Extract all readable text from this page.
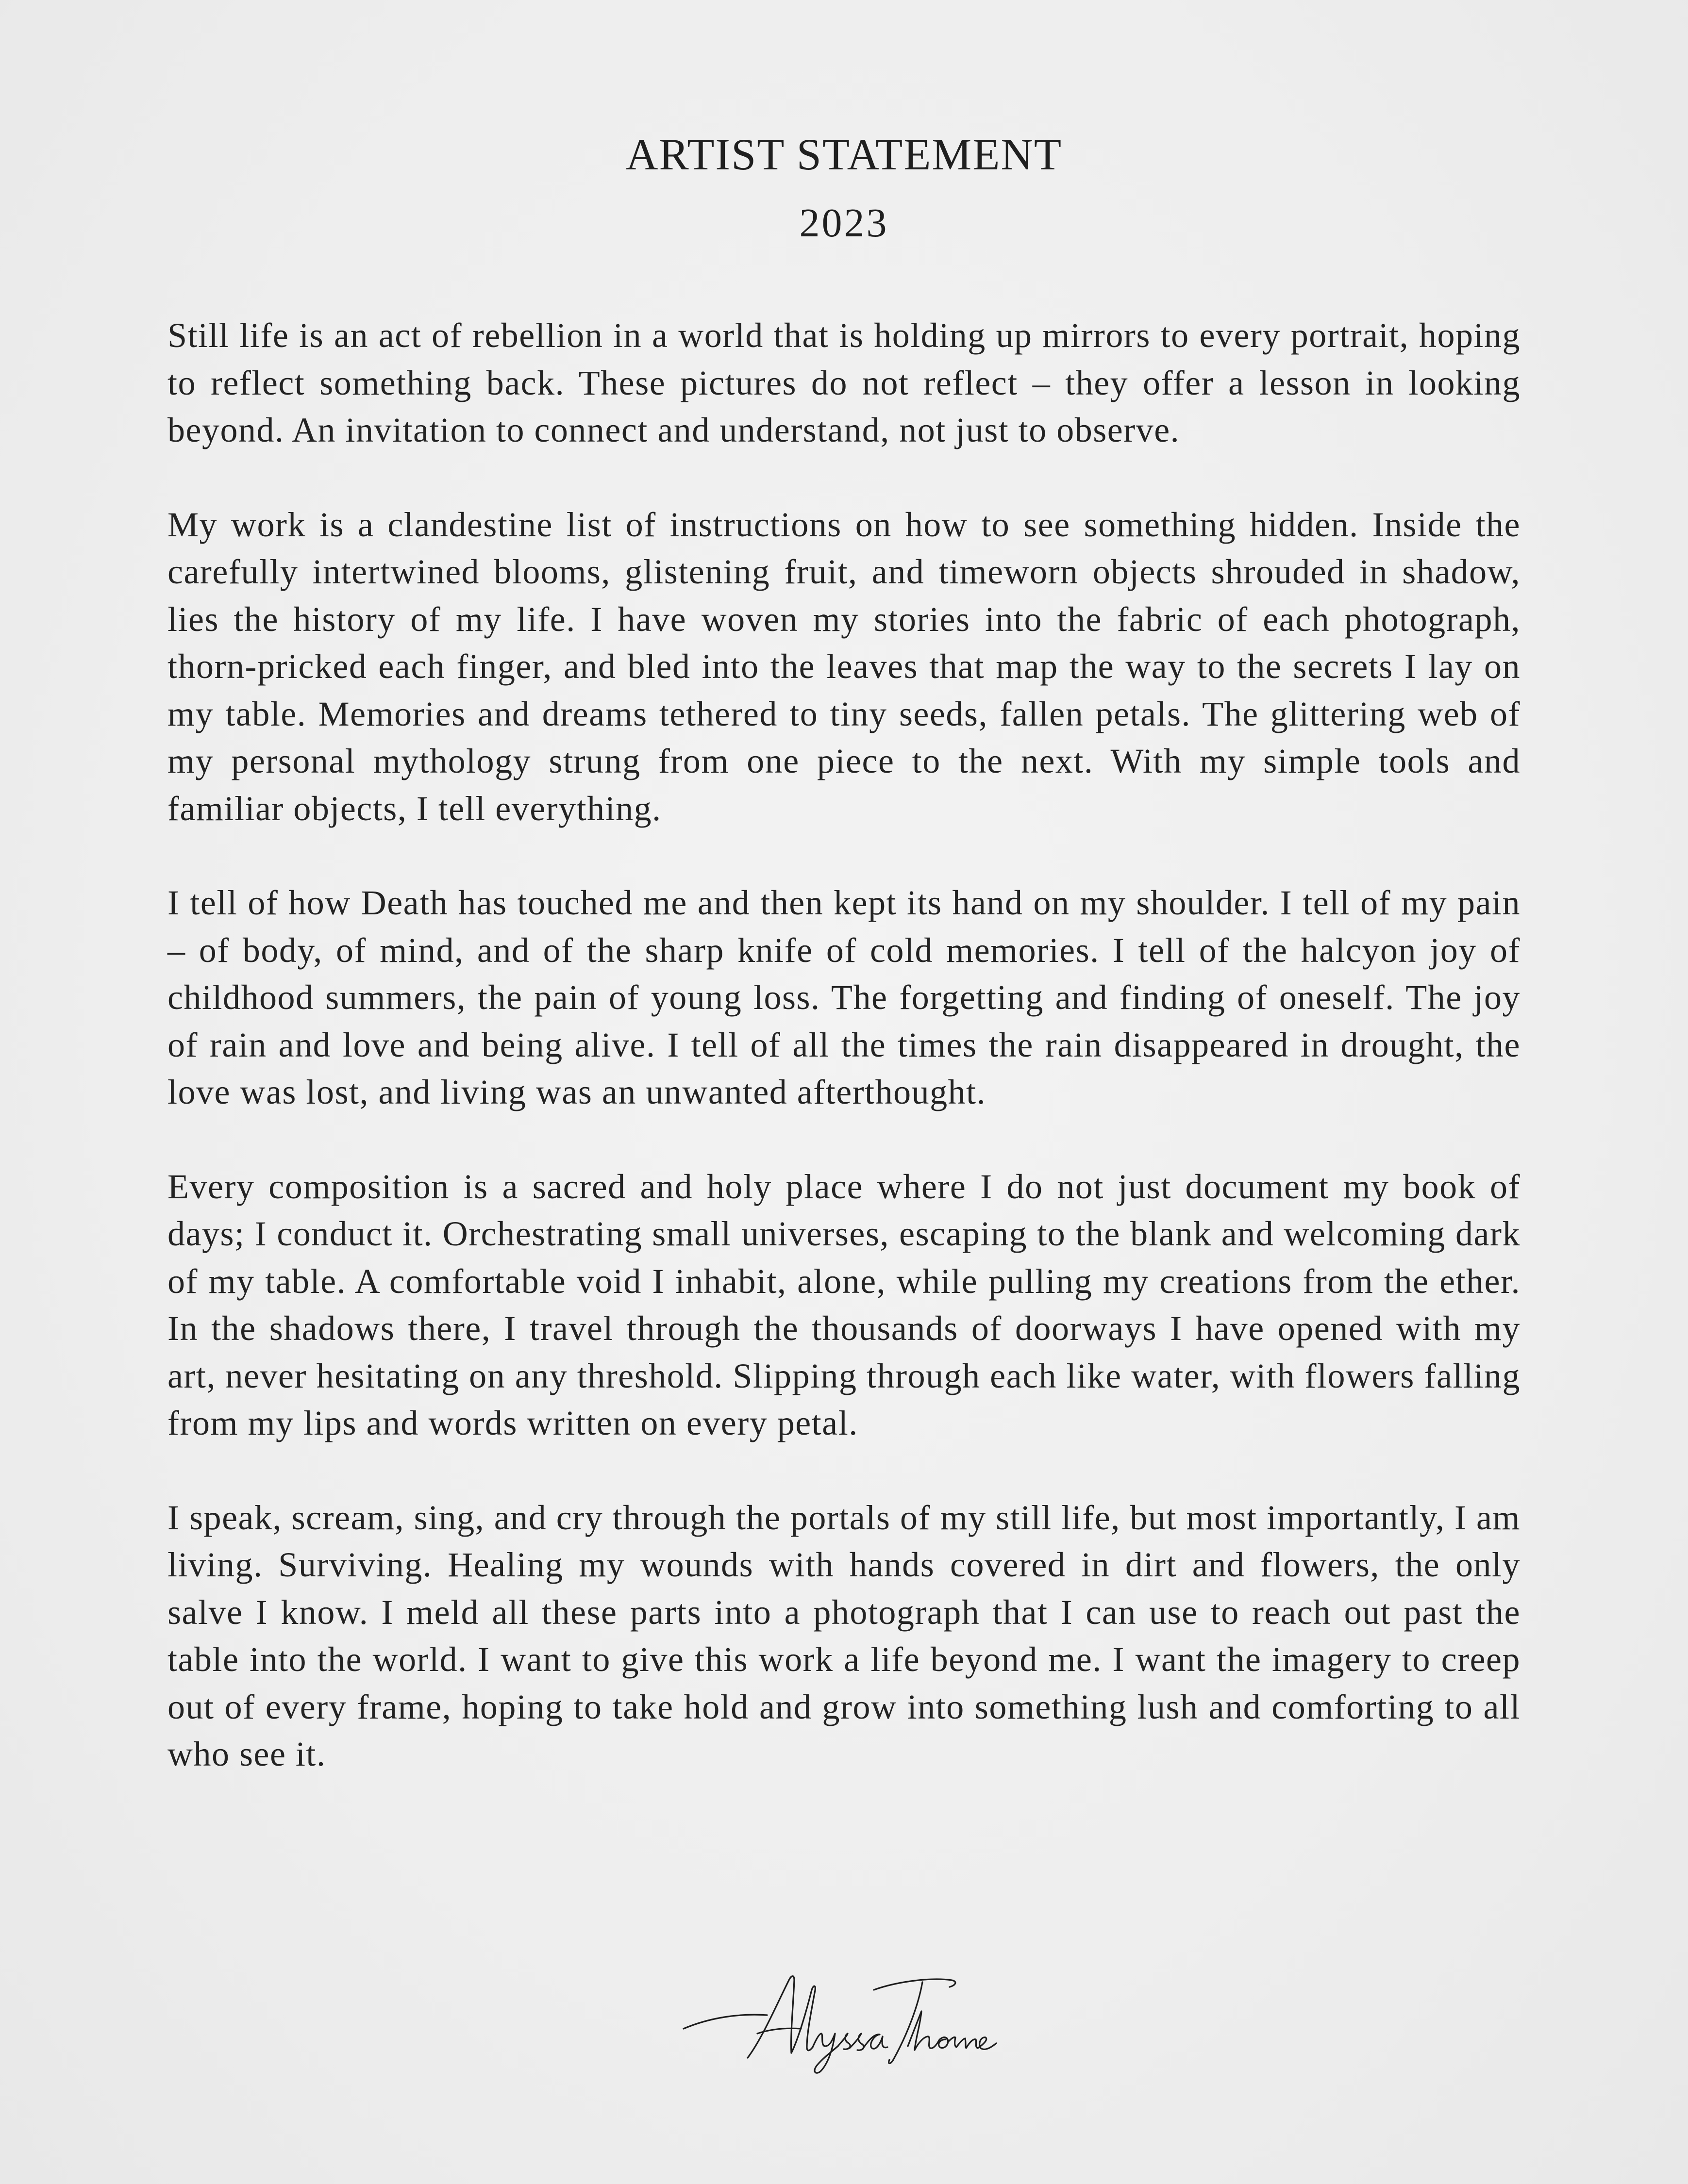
ARTIST STATEMENT
2023

Still life is an act of rebellion in a world that is holding up mirrors to every portrait, hoping to reflect something back. These pictures do not reflect – they offer a lesson in looking beyond. An invitation to connect and understand, not just to observe.

My work is a clandestine list of instructions on how to see something hidden. Inside the carefully intertwined blooms, glistening fruit, and timeworn objects shrouded in shadow, lies the history of my life. I have woven my stories into the fabric of each photograph, thorn-pricked each finger, and bled into the leaves that map the way to the secrets I lay on my table. Memories and dreams tethered to tiny seeds, fallen petals. The glittering web of my personal mythology strung from one piece to the next. With my simple tools and familiar objects, I tell everything.

I tell of how Death has touched me and then kept its hand on my shoulder. I tell of my pain – of body, of mind, and of the sharp knife of cold memories. I tell of the halcyon joy of childhood summers, the pain of young loss. The forgetting and finding of oneself. The joy of rain and love and being alive. I tell of all the times the rain disappeared in drought, the love was lost, and living was an unwanted afterthought.

Every composition is a sacred and holy place where I do not just document my book of days; I conduct it. Orchestrating small universes, escaping to the blank and welcoming dark of my table. A comfortable void I inhabit, alone, while pulling my creations from the ether. In the shadows there, I travel through the thousands of doorways I have opened with my art, never hesitating on any threshold. Slipping through each like water, with flowers falling from my lips and words written on every petal.

I speak, scream, sing, and cry through the portals of my still life, but most importantly, I am living. Surviving. Healing my wounds with hands covered in dirt and flowers, the only salve I know. I meld all these parts into a photograph that I can use to reach out past the table into the world. I want to give this work a life beyond me. I want the imagery to creep out of every frame, hoping to take hold and grow into something lush and comforting to all who see it.
